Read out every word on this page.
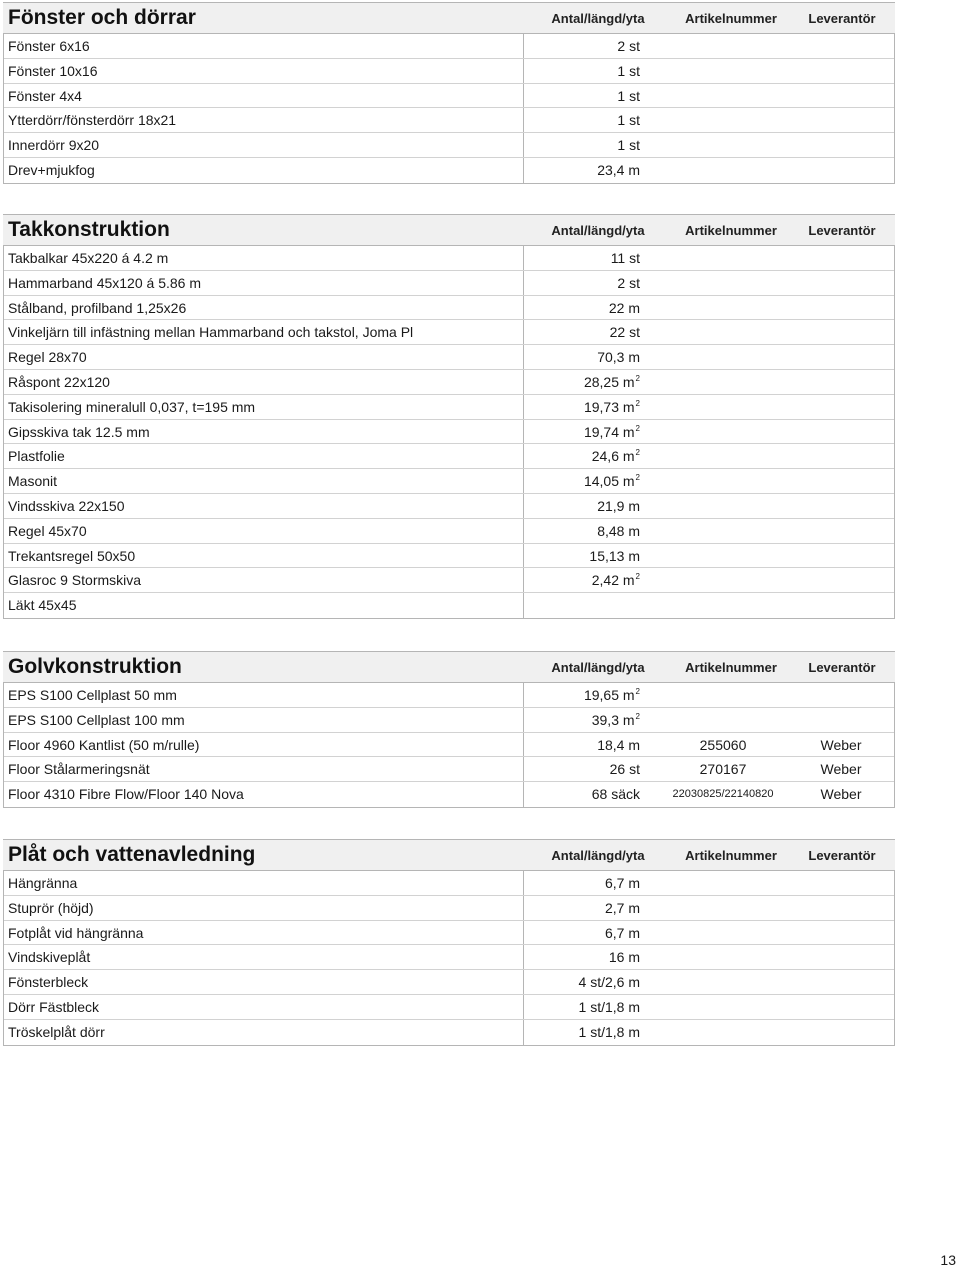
Fönster och dörrar	Antal/längd/yta	Artikelnummer	Leverantör
Fönster 6x16	2 st
Fönster 10x16	1 st
Fönster 4x4	1 st
Ytterdörr/fönsterdörr 18x21	1 st
Innerdörr 9x20	1 st
Drev+mjukfog	23,4 m
Takkonstruktion	Antal/längd/yta	Artikelnummer	Leverantör
Takbalkar 45x220 á 4.2 m	11 st
Hammarband 45x120 á 5.86 m	2 st
Stålband, profilband 1,25x26	22 m
Vinkeljärn till infästning mellan Hammarband och takstol, Joma Pl	22 st
Regel 28x70	70,3 m
Råspont 22x120	28,25 $m^2$
Takisolering mineralull 0,037, t=195 mm	19,73 $m^2$
Gipsskiva tak 12.5 mm	19,74 $m^2$
Plastfolie	24,6 $m^2$
Masonit	14,05 $m^2$
Vindsskiva 22x150	21,9 m
Regel 45x70	8,48 m
Trekantsregel 50x50	15,13 m
Glasroc 9 Stormskiva	2,42 $m^2$
Läkt 45x45
Golvkonstruktion	Antal/längd/yta	Artikelnummer	Leverantör
EPS S100 Cellplast 50 mm	19,65 $m^2$
EPS S100 Cellplast 100 mm	39,3 $m^2$
Floor 4960 Kantlist (50 m/rulle)	18,4 m	255060	Weber
Floor Stålarmeringsnät	26 st	270167	Weber
Floor 4310 Fibre Flow/Floor 140 Nova	68 säck	22030825/22140820	Weber
Plåt och vattenavledning	Antal/längd/yta	Artikelnummer	Leverantör
Hängränna	6,7 m
Stuprör (höjd)	2,7 m
Fotplåt vid hängränna	6,7 m
Vindskiveplåt	16 m
Fönsterbleck	4 st/2,6 m
Dörr Fästbleck	1 st/1,8 m
Tröskelplåt dörr	1 st/1,8 m
13
